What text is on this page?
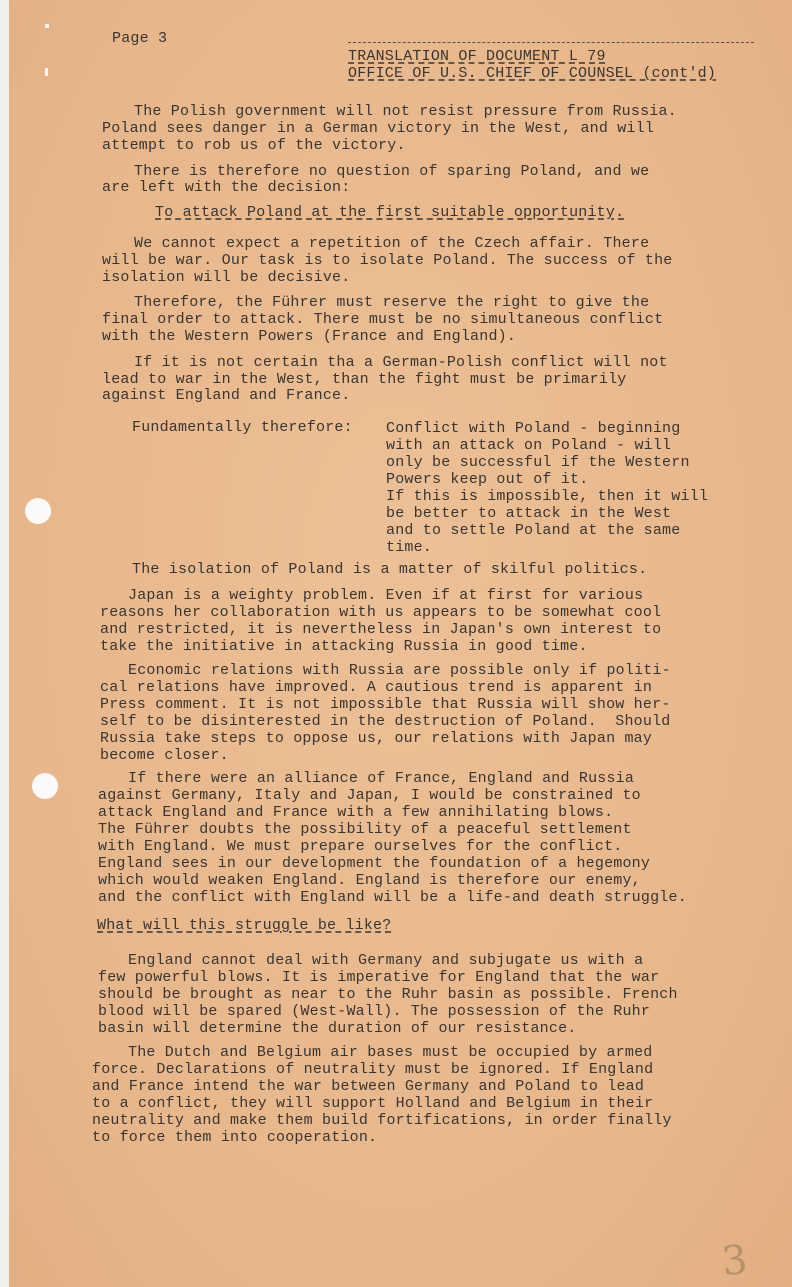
Page 3
TRANSLATION OF DOCUMENT L 79
OFFICE OF U.S. CHIEF OF COUNSEL (cont'd)
The Polish government will not resist pressure from Russia.
Poland sees danger in a German victory in the West, and will
attempt to rob us of the victory.
There is therefore no question of sparing Poland, and we
are left with the decision:
To attack Poland at the first suitable opportunity.
We cannot expect a repetition of the Czech affair. There
will be war. Our task is to isolate Poland. The success of the
isolation will be decisive.
Therefore, the Führer must reserve the right to give the
final order to attack. There must be no simultaneous conflict
with the Western Powers (France and England).
If it is not certain tha a German-Polish conflict will not
lead to war in the West, than the fight must be primarily
against England and France.
Fundamentally therefore: Conflict with Poland - beginning
with an attack on Poland - will
only be successful if the Western
Powers keep out of it.
If this is impossible, then it will
be better to attack in the West
and to settle Poland at the same
time.
The isolation of Poland is a matter of skilful politics.
Japan is a weighty problem. Even if at first for various
reasons her collaboration with us appears to be somewhat cool
and restricted, it is nevertheless in Japan's own interest to
take the initiative in attacking Russia in good time.
Economic relations with Russia are possible only if politi-
cal relations have improved. A cautious trend is apparent in
Press comment. It is not impossible that Russia will show her-
self to be disinterested in the destruction of Poland.  Should
Russia take steps to oppose us, our relations with Japan may
become closer.
If there were an alliance of France, England and Russia
against Germany, Italy and Japan, I would be constrained to
attack England and France with a few annihilating blows.
The Führer doubts the possibility of a peaceful settlement
with England. We must prepare ourselves for the conflict.
England sees in our development the foundation of a hegemony
which would weaken England. England is therefore our enemy,
and the conflict with England will be a life-and death struggle.
What will this struggle be like?
England cannot deal with Germany and subjugate us with a
few powerful blows. It is imperative for England that the war
should be brought as near to the Ruhr basin as possible. French
blood will be spared (West-Wall). The possession of the Ruhr
basin will determine the duration of our resistance.
The Dutch and Belgium air bases must be occupied by armed
force. Declarations of neutrality must be ignored. If England
and France intend the war between Germany and Poland to lead
to a conflict, they will support Holland and Belgium in their
neutrality and make them build fortifications, in order finally
to force them into cooperation.
3
